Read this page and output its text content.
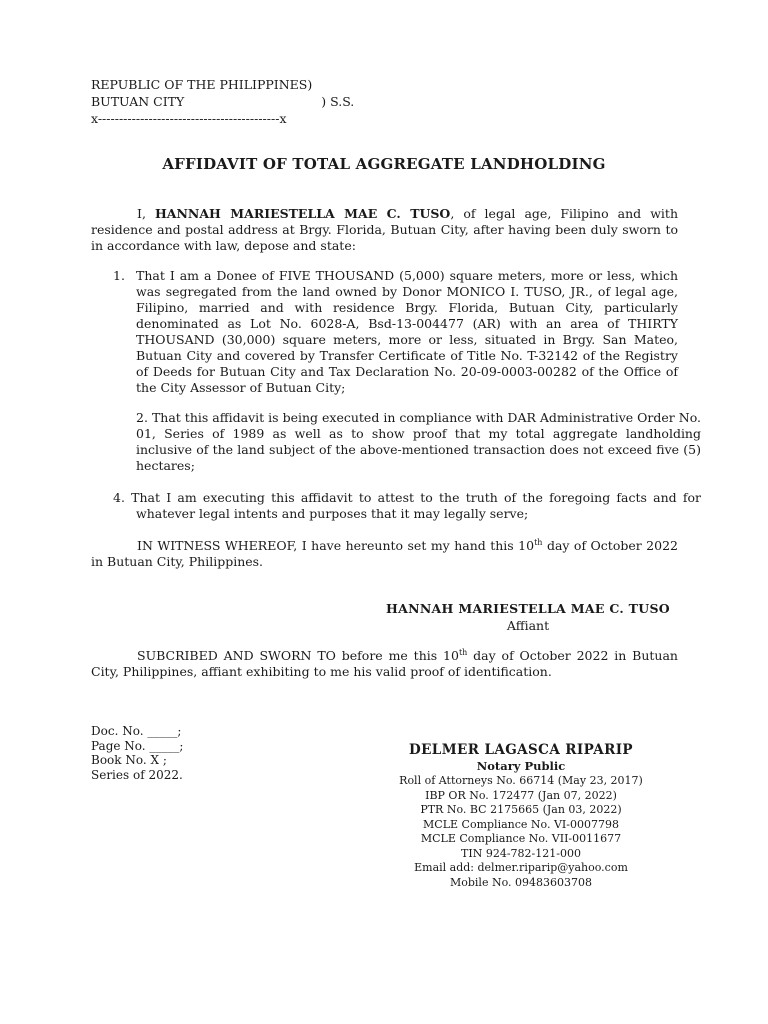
REPUBLIC OF THE PHILIPPINES)
BUTUAN CITY	) S.S.
x-------------------------------------------x
AFFIDAVIT OF TOTAL AGGREGATE LANDHOLDING
I, HANNAH MARIESTELLA MAE C. TUSO, of legal age, Filipino and with residence and postal address at Brgy. Florida, Butuan City, after having been duly sworn to in accordance with law, depose and state:
1. That I am a Donee of FIVE THOUSAND (5,000) square meters, more or less, which was segregated from the land owned by Donor MONICO I. TUSO, JR., of legal age, Filipino, married and with residence Brgy. Florida, Butuan City, particularly denominated as Lot No. 6028-A, Bsd-13-004477 (AR) with an area of THIRTY THOUSAND (30,000) square meters, more or less, situated in Brgy. San Mateo, Butuan City and covered by Transfer Certificate of Title No. T-32142 of the Registry of Deeds for Butuan City and Tax Declaration No. 20-09-0003-00282 of the Office of the City Assessor of Butuan City;
2. That this affidavit is being executed in compliance with DAR Administrative Order No. 01, Series of 1989 as well as to show proof that my total aggregate landholding inclusive of the land subject of the above-mentioned transaction does not exceed five (5) hectares;
4. That I am executing this affidavit to attest to the truth of the foregoing facts and for whatever legal intents and purposes that it may legally serve;
IN WITNESS WHEREOF, I have hereunto set my hand this 10th day of October 2022 in Butuan City, Philippines.
HANNAH MARIESTELLA MAE C. TUSO
Affiant
SUBCRIBED AND SWORN TO before me this 10th day of October 2022 in Butuan City, Philippines, affiant exhibiting to me his valid proof of identification.
Doc. No. _____;
Page No. _____;
Book No. X ;
Series of 2022.
DELMER LAGASCA RIPARIP
Notary Public
Roll of Attorneys No. 66714 (May 23, 2017)
IBP OR No. 172477 (Jan 07, 2022)
PTR No. BC 2175665 (Jan 03, 2022)
MCLE Compliance No. VI-0007798
MCLE Compliance No. VII-0011677
TIN 924-782-121-000
Email add: delmer.riparip@yahoo.com
Mobile No. 09483603708
